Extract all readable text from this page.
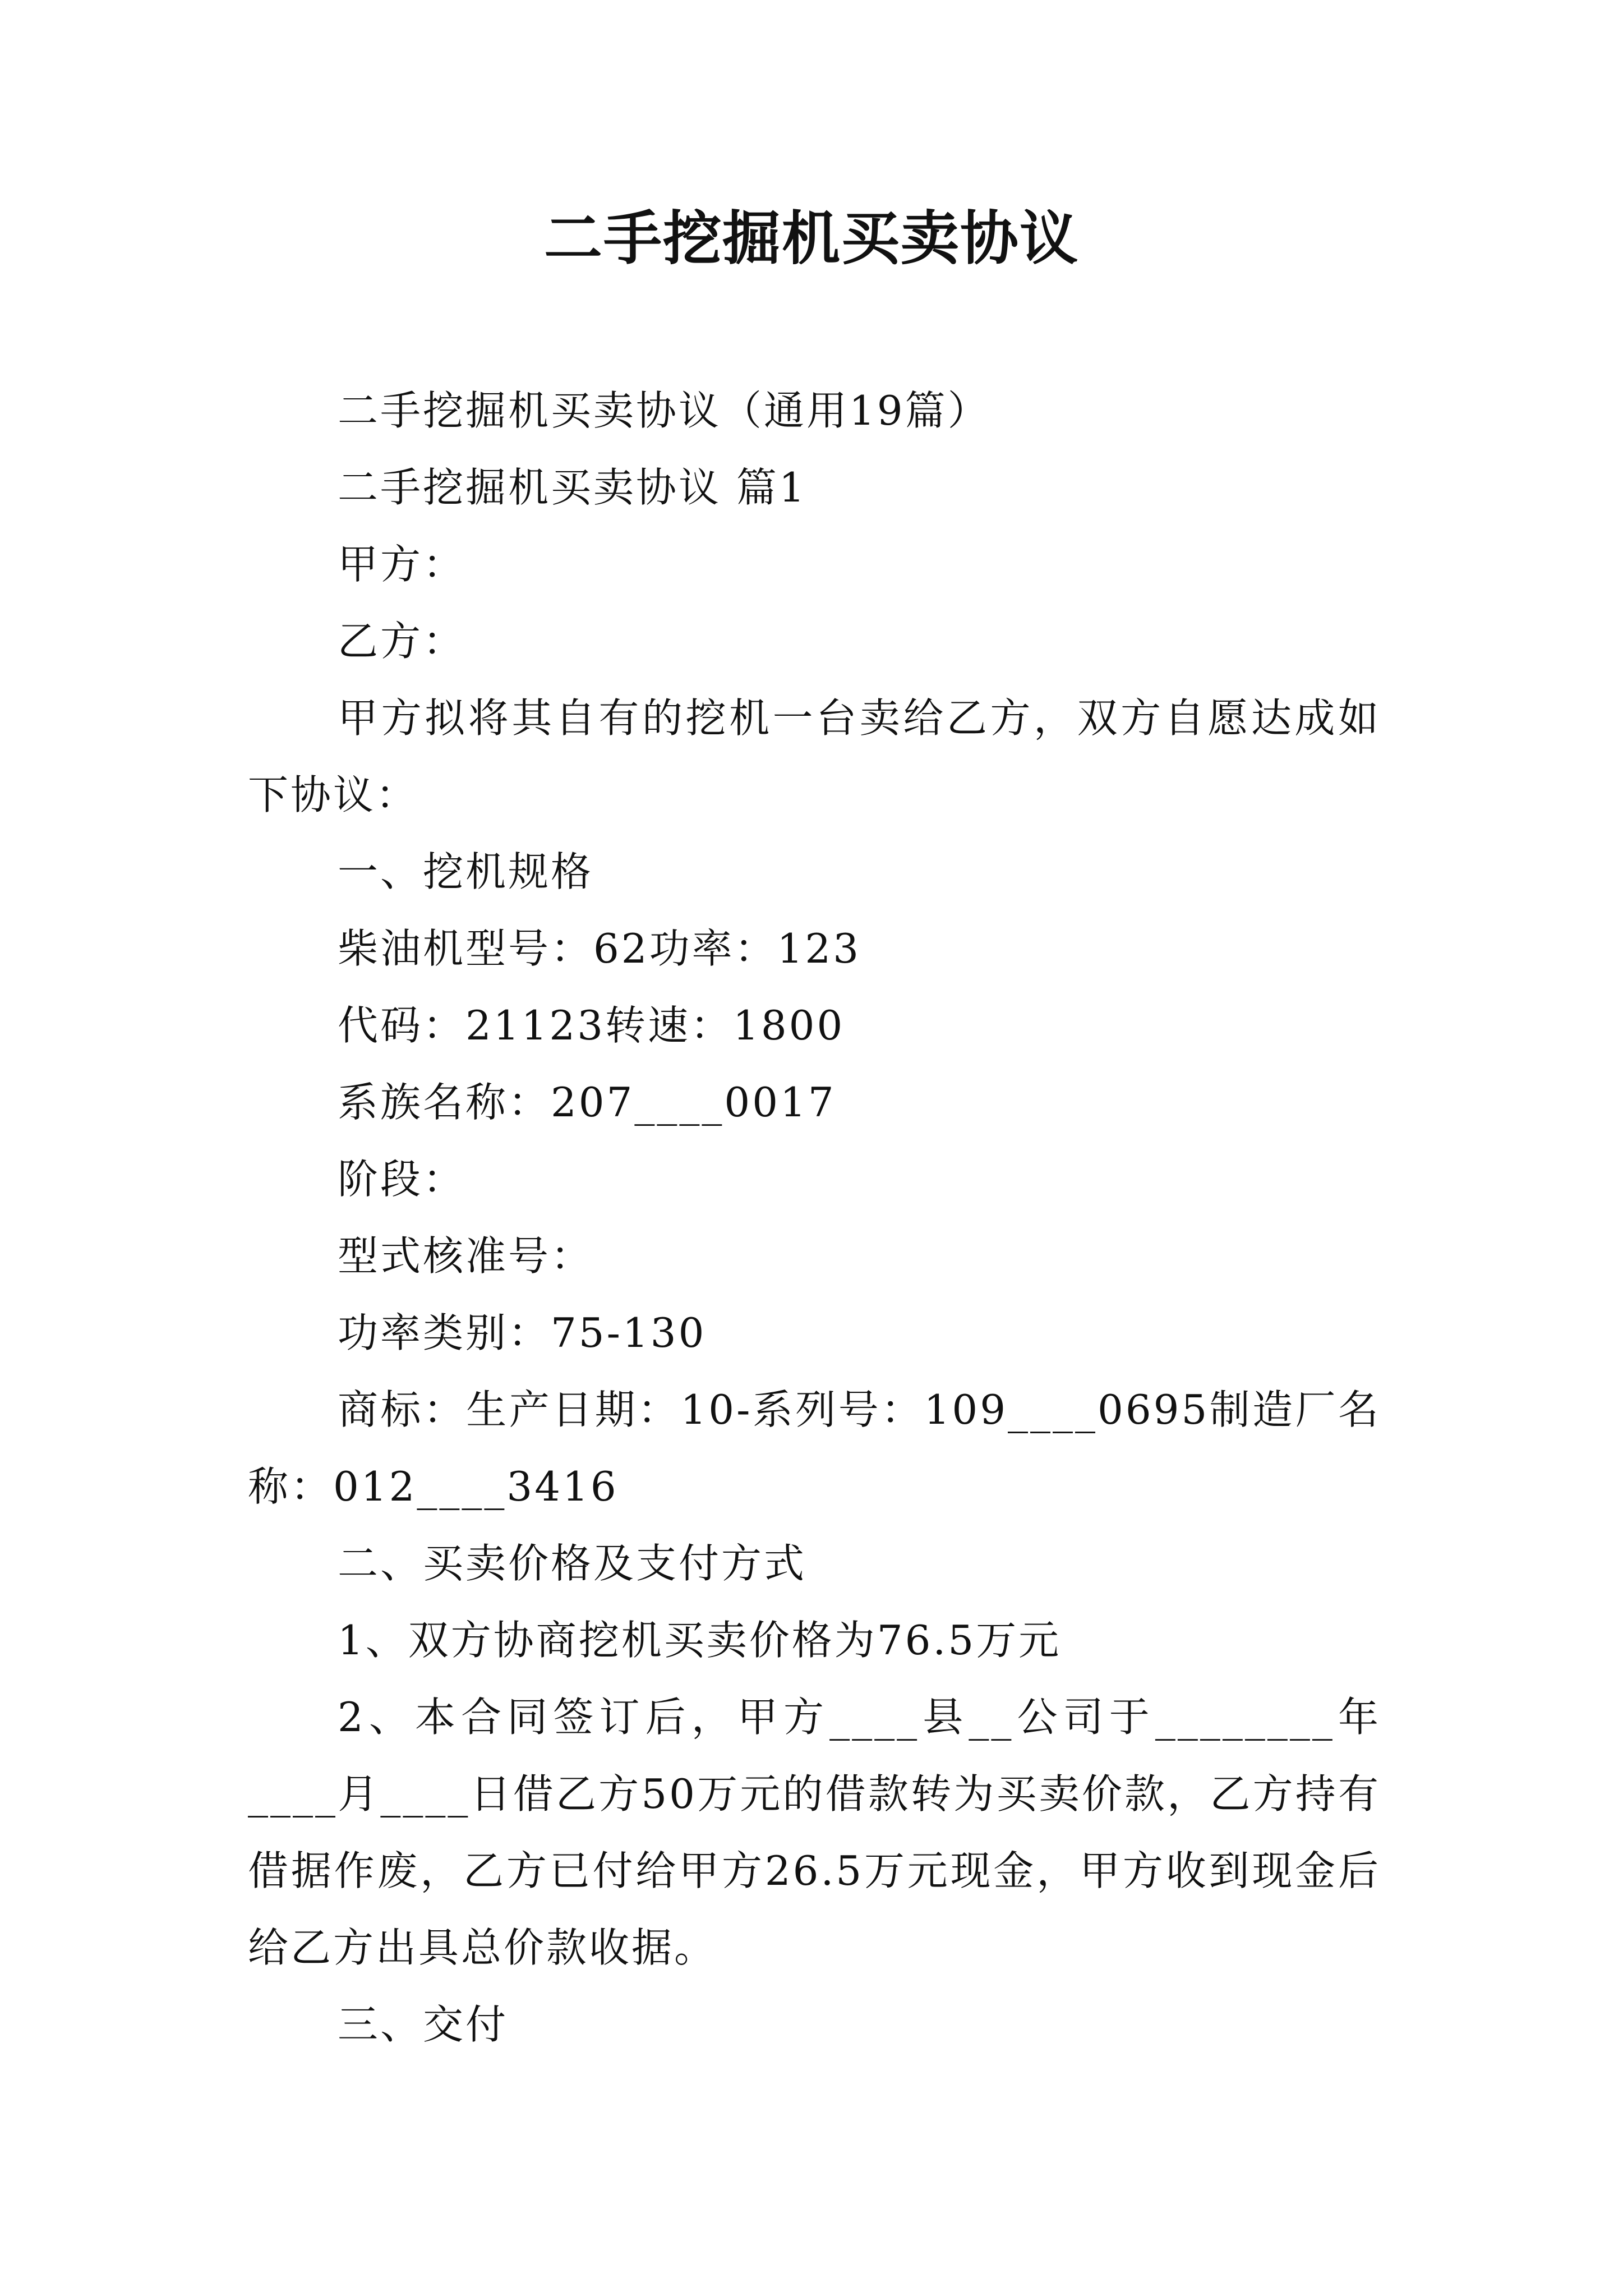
二手挖掘机买卖协议

二手挖掘机买卖协议（通用19篇）

二手挖掘机买卖协议 篇1

甲方：

乙方：

甲方拟将其自有的挖机一台卖给乙方，双方自愿达成如下协议：

一、挖机规格

柴油机型号：62功率：123

代码：21123转速：1800

系族名称：207____0017

阶段：

型式核准号：

功率类别：75-130

商标：生产日期：10-系列号：109____0695制造厂名称：012____3416

二、买卖价格及支付方式

1、双方协商挖机买卖价格为76.5万元

2、本合同签订后，甲方____县__公司于________年____月____日借乙方50万元的借款转为买卖价款，乙方持有借据作废，乙方已付给甲方26.5万元现金，甲方收到现金后给乙方出具总价款收据。

三、交付
